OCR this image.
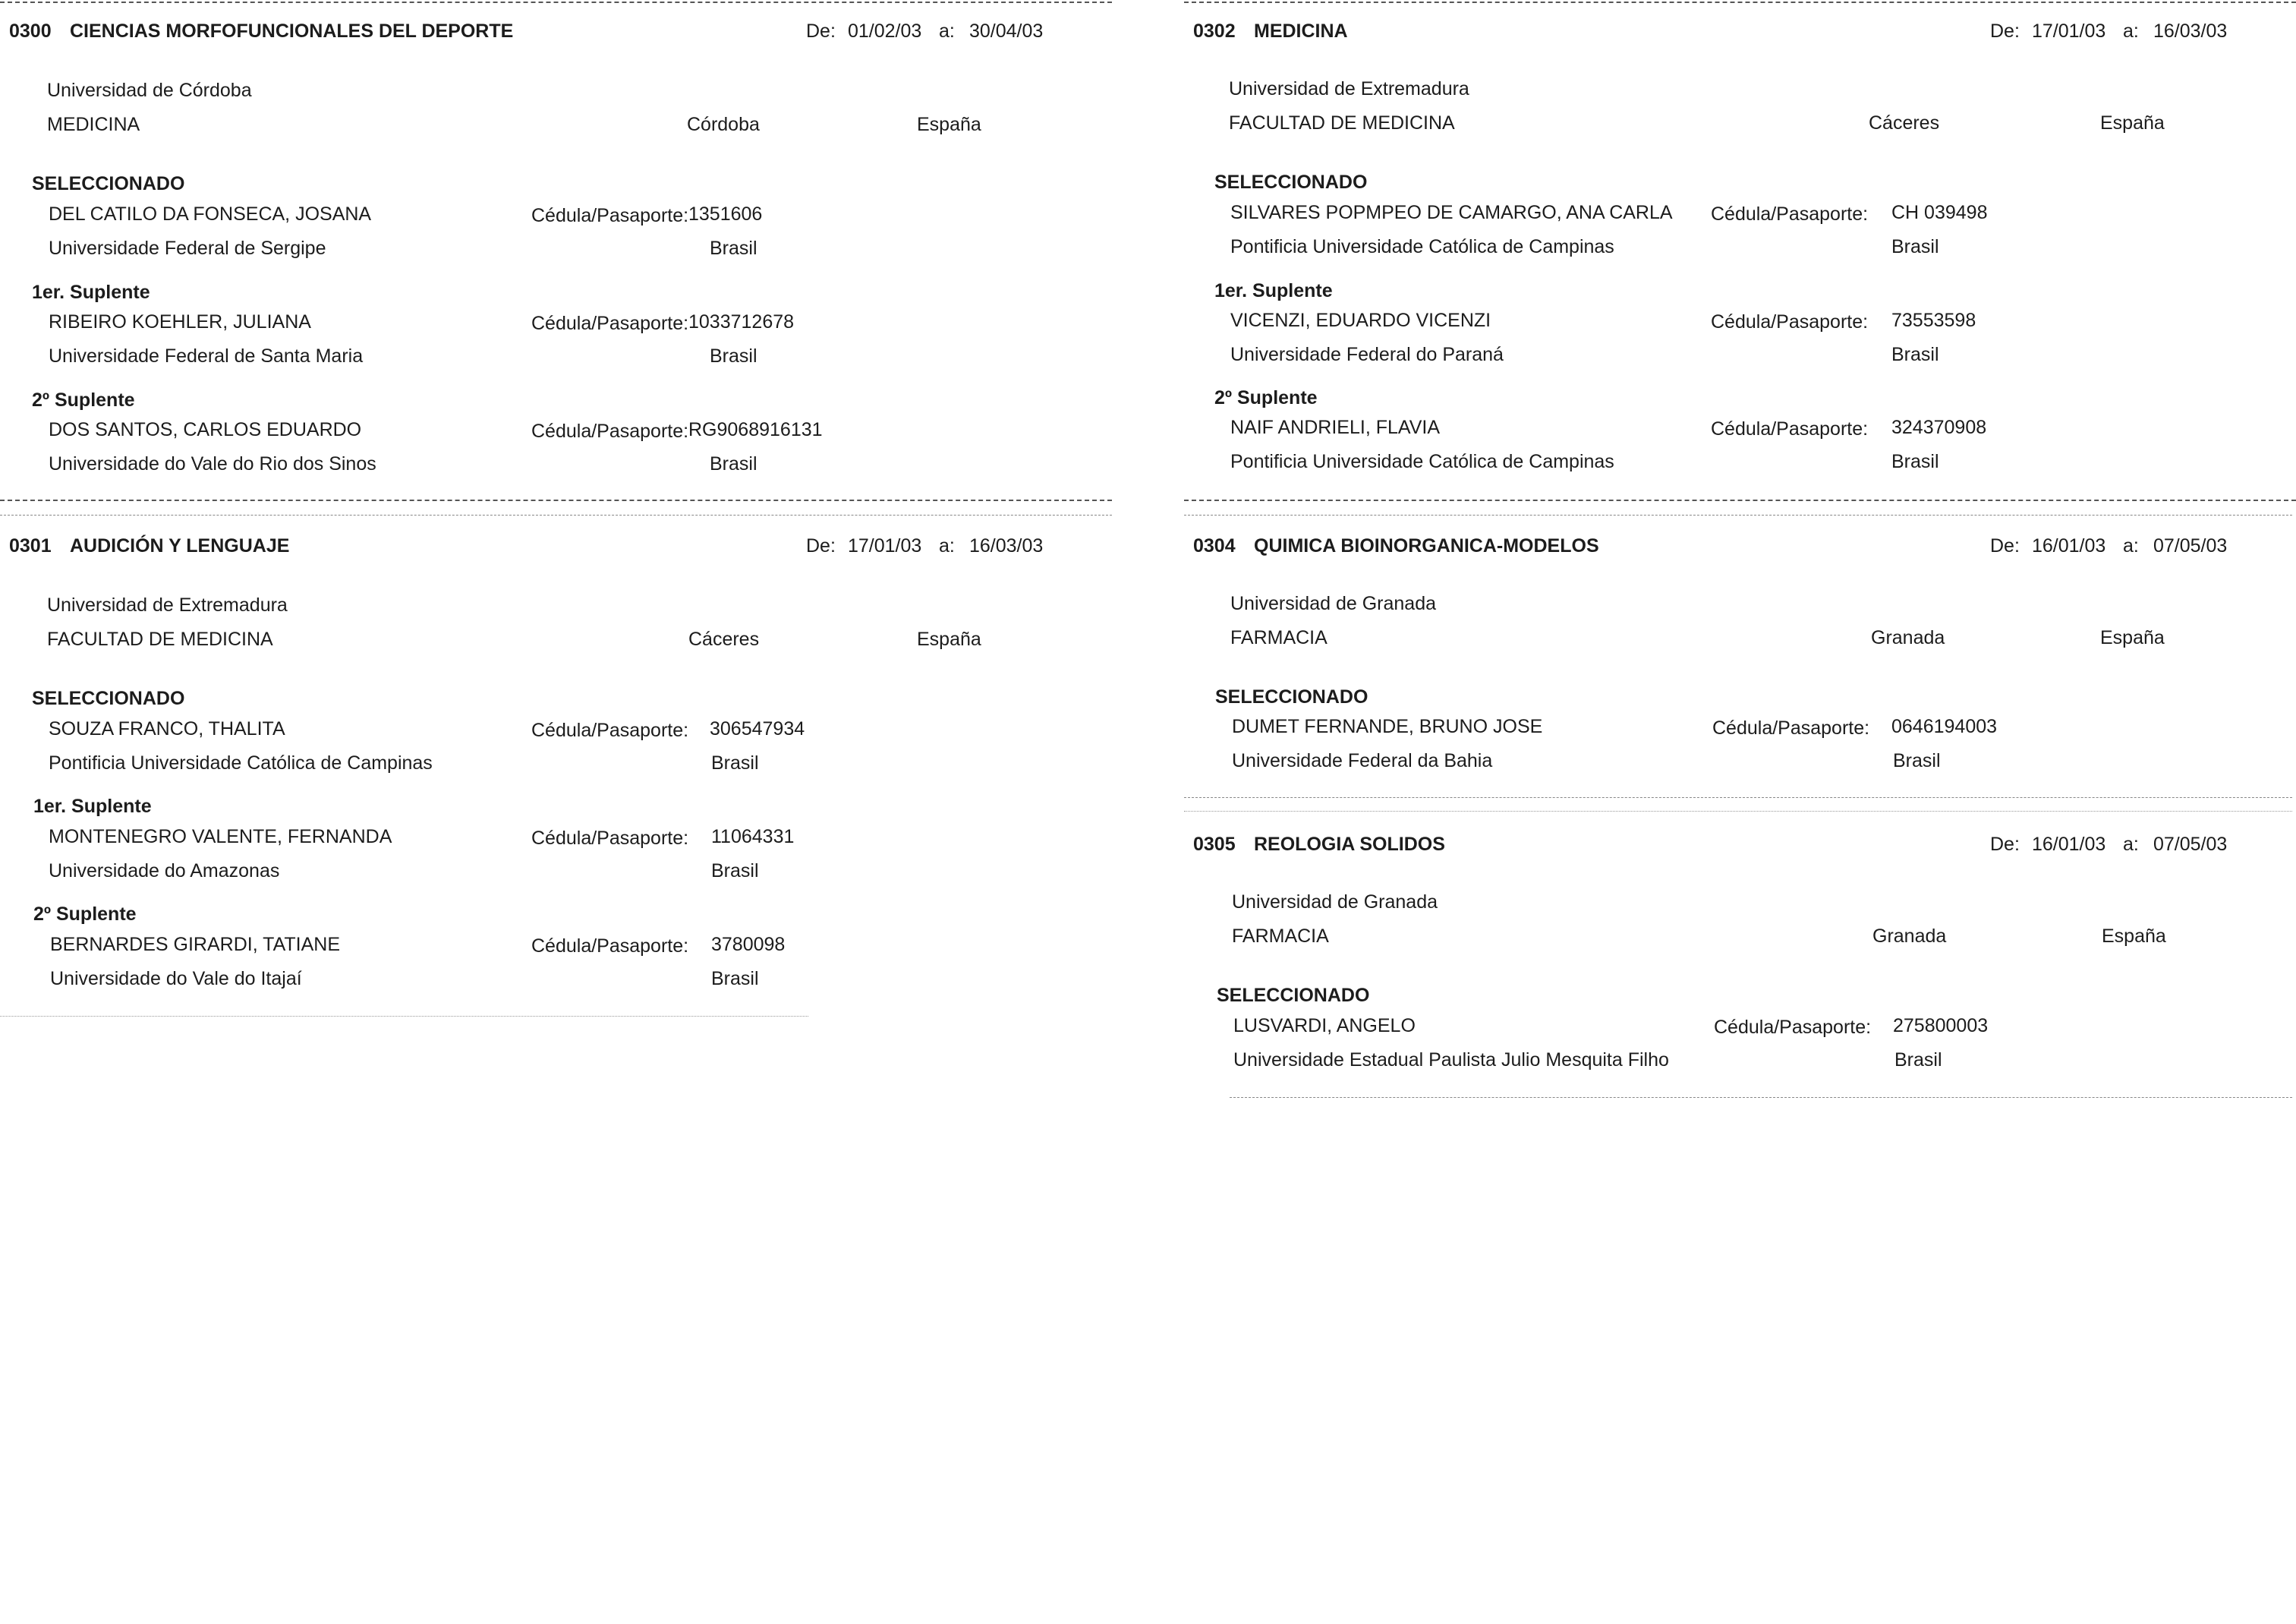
0300 CIENCIAS MORFOFUNCIONALES DEL DEPORTE	De: 01/02/03 a: 30/04/03
Universidad de Córdoba
MEDICINA	Córdoba	España
SELECCIONADO
DEL CATILO DA FONSECA, JOSANA	Cédula/Pasaporte: 1351606
Universidade Federal de Sergipe	Brasil
1er. Suplente
RIBEIRO KOEHLER, JULIANA	Cédula/Pasaporte: 1033712678
Universidade Federal de Santa Maria	Brasil
2º Suplente
DOS SANTOS, CARLOS EDUARDO	Cédula/Pasaporte: RG9068916131
Universidade do Vale do Rio dos Sinos	Brasil
0301 AUDICIÓN Y LENGUAJE	De: 17/01/03 a: 16/03/03
Universidad de Extremadura
FACULTAD DE MEDICINA	Cáceres	España
SELECCIONADO
SOUZA FRANCO, THALITA	Cédula/Pasaporte: 306547934
Pontificia Universidade Católica de Campinas	Brasil
1er. Suplente
MONTENEGRO VALENTE, FERNANDA	Cédula/Pasaporte: 11064331
Universidade do Amazonas	Brasil
2º Suplente
BERNARDES GIRARDI, TATIANE	Cédula/Pasaporte: 3780098
Universidade do Vale do Itajaí	Brasil
0302 MEDICINA	De: 17/01/03 a: 16/03/03
Universidad de Extremadura
FACULTAD DE MEDICINA	Cáceres	España
SELECCIONADO
SILVARES POPMPEO DE CAMARGO, ANA CARLA Cédula/Pasaporte: CH 039498
Pontificia Universidade Católica de Campinas	Brasil
1er. Suplente
VICENZI, EDUARDO VICENZI	Cédula/Pasaporte: 73553598
Universidade Federal do Paraná	Brasil
2º Suplente
NAIF ANDRIELI, FLAVIA	Cédula/Pasaporte: 324370908
Pontificia Universidade Católica de Campinas	Brasil
0304 QUIMICA BIOINORGANICA-MODELOS	De: 16/01/03 a: 07/05/03
Universidad de Granada
FARMACIA	Granada	España
SELECCIONADO
DUMET FERNANDE, BRUNO JOSE	Cédula/Pasaporte: 0646194003
Universidade Federal da Bahia	Brasil
0305 REOLOGIA SOLIDOS	De: 16/01/03 a: 07/05/03
Universidad de Granada
FARMACIA	Granada	España
SELECCIONADO
LUSVARDI, ANGELO	Cédula/Pasaporte: 275800003
Universidade Estadual Paulista Julio Mesquita Filho	Brasil
